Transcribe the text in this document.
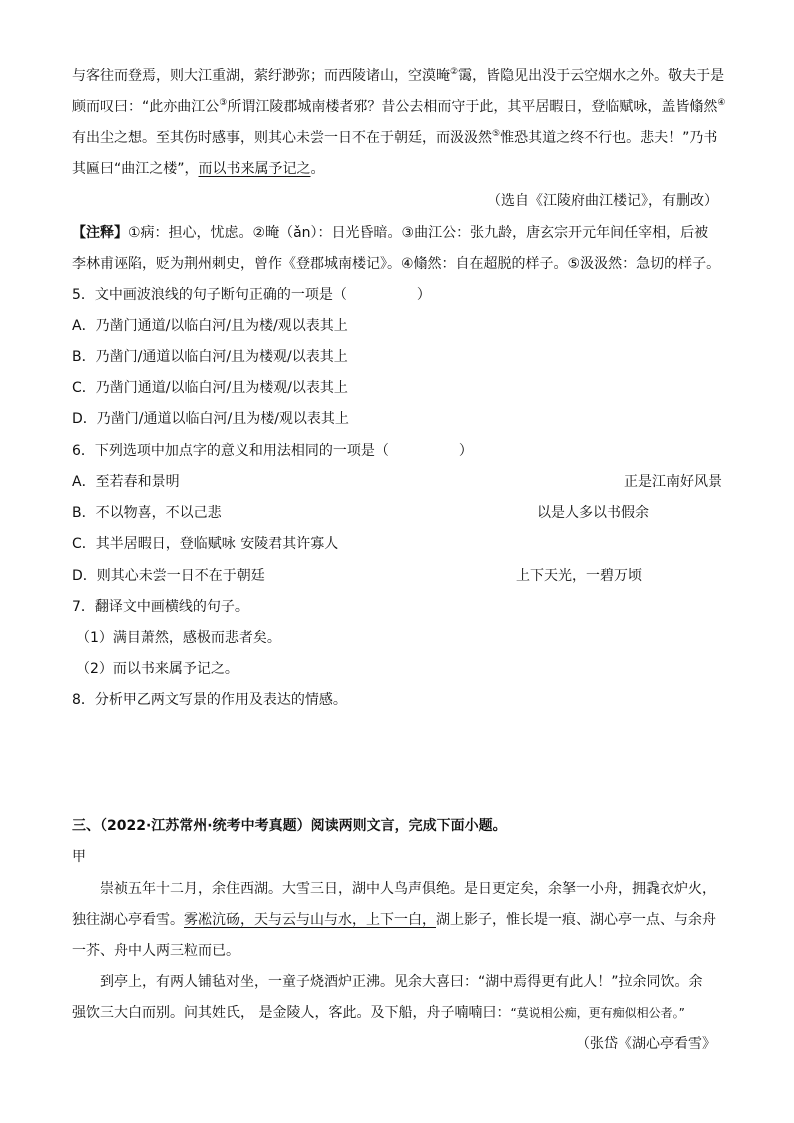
与客往而登焉，则大江重湖，萦纡渺弥；而西陵诸山，空漠晻②霭，皆隐见出没于云空烟水之外。敬夫于是
顾而叹曰：“此亦曲江公③所谓江陵郡城南楼者邪？昔公去相而守于此，其平居暇日，登临赋咏，盖皆翛然④
有出尘之想。至其伤时感事，则其心未尝一日不在于朝廷，而汲汲然⑤惟恐其道之终不行也。悲夫！”乃书
其匾曰“曲江之楼”，而以书来属予记之。
（选自《江陵府曲江楼记》，有删改）
【注释】①病：担心，忧虑。②晻（ǎn）：日光昏暗。③曲江公：张九龄，唐玄宗开元年间任宰相，后被
李林甫诬陷，贬为荆州刺史，曾作《登郡城南楼记》。④翛然：自在超脱的样子。⑤汲汲然：急切的样子。
5．文中画波浪线的句子断句正确的一项是（	）
A．乃凿门通道/以临白河/且为楼/观以表其上
B．乃凿门/通道以临白河/且为楼观/以表其上
C．乃凿门通道/以临白河/且为楼观/以表其上
D．乃凿门/通道以临白河/且为楼/观以表其上
6．下列选项中加点字的意义和用法相同的一项是（	）
A．至若春和景明	正是江南好风景
B．不以物喜，不以己悲	以是人多以书假余
C．其半居暇日，登临赋咏 安陵君其许寡人
D．则其心未尝一日不在于朝廷	上下天光，一碧万顷
7．翻译文中画横线的句子。
（1）满目萧然，感极而悲者矣。
（2）而以书来属予记之。
8．分析甲乙两文写景的作用及表达的情感。
三、（2022·江苏常州·统考中考真题）阅读两则文言，完成下面小题。
甲
崇祯五年十二月，余住西湖。大雪三日，湖中人鸟声俱绝。是日更定矣，余拏一小舟，拥毳衣炉火，
独往湖心亭看雪。雾凇沆砀，天与云与山与水，上下一白，湖上影子，惟长堤一痕、湖心亭一点、与余舟
一芥、舟中人两三粒而已。
到亭上，有两人铺毡对坐，一童子烧酒炉正沸。见余大喜曰：“湖中焉得更有此人！”拉余同饮。余
强饮三大白而别。问其姓氏， 是金陵人，客此。及下船，舟子喃喃曰：“莫说相公痴，更有痴似相公者。”
（张岱《湖心亭看雪》
